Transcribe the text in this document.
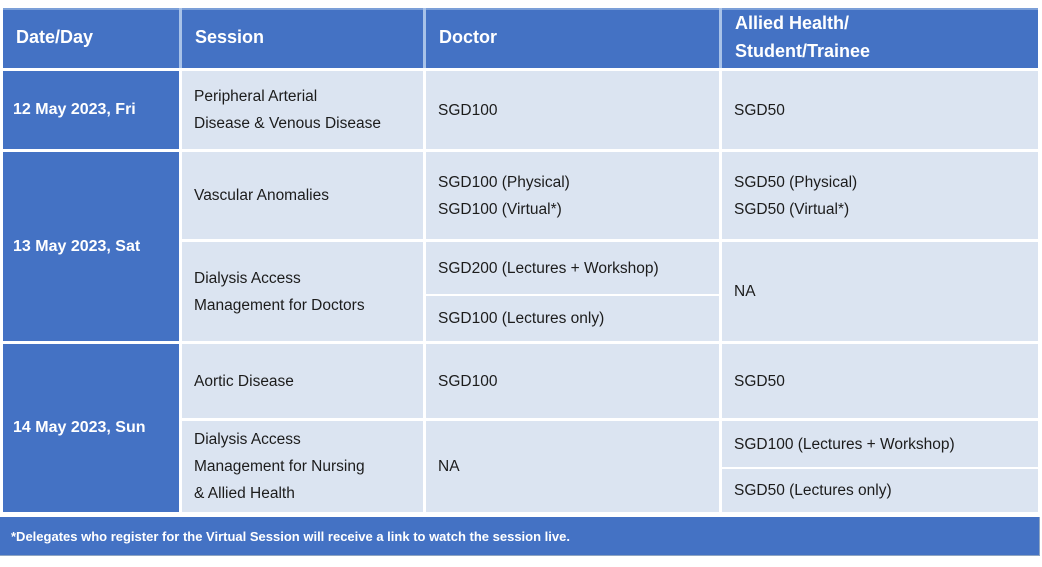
Date/Day	Session	Doctor
Allied Health/
Student/Trainee
12 May 2023, Fri
13 May 2023, Sat
14 May 2023, Sun
Peripheral Arterial
Disease & Venous Disease
Vascular Anomalies
Dialysis Access
Management for Doctors
Aortic Disease
Dialysis Access
Management for Nursing
& Allied Health
SGD100
SGD100 (Physical)
SGD100 (Virtual*)
SGD200 (Lectures + Workshop)
SGD100 (Lectures only)
SGD100
NA
SGD50
SGD50 (Physical)
SGD50 (Virtual*)
NA
SGD50
SGD100 (Lectures + Workshop)
SGD50 (Lectures only)
*Delegates who register for the Virtual Session will receive a link to watch the session live.
